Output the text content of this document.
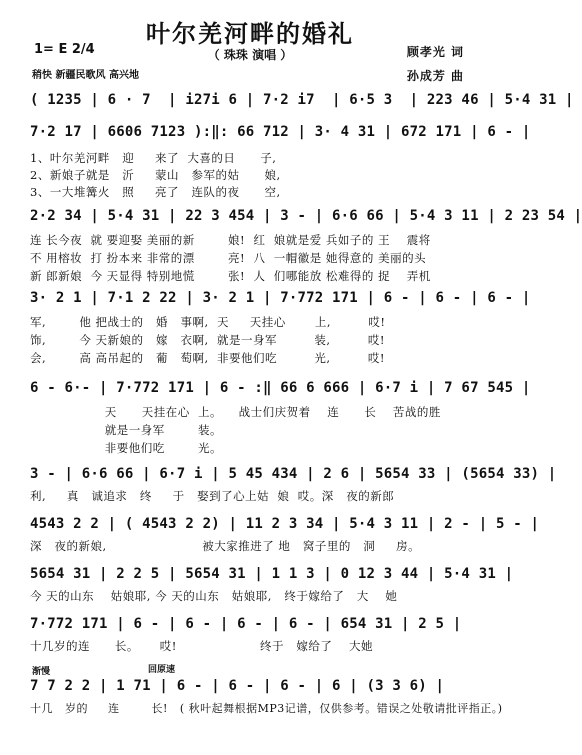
叶尔羌河畔的婚礼
（ 珠珠 演唱 ）	顾孝光 词
孙成芳 曲
1= E 2/4
稍快 新疆民歌风 高兴地
( 1235 | 6 · 7  | i27i 6 | 7·2 i7  | 6·5 3  | 223 46 | 5·4 31 |
7·2 17 | 6606 7123 ):‖: 66 712 | 3· 4 31 | 672 171 | 6 - |
1、叶尔羌河畔   迎     来了  大喜的日      子,
2、新娘子就是   沂     蒙山   参军的姑      娘,
3、一大堆篝火   照     亮了   连队的夜      空,
2·2 34 | 5·4 31 | 22 3 454 | 3 - | 6·6 66 | 5·4 3 11 | 2 23 54 |
连 长今夜  就 要迎娶 美丽的新        娘!  红  娘就是爱 兵如子的 王    震将
不 用榕妆  打 扮本来 非常的漂        亮!  八  一帽徽是 她得意的 美丽的头
新 郎新娘  今 天显得 特别地慌        张!  人  们哪能放 松难得的 捉    弄机
3· 2 1 | 7·1 2 22 | 3· 2 1 | 7·772 171 | 6 - | 6 - | 6 - |
军,        他 把战士的   婚   事啊,  天     天挂心       上,         哎!
饰,        今 天新娘的   嫁   衣啊,  就是一身军         装,         哎!
会,        高 高吊起的   葡   萄啊,  非要他们吃         光,         哎!
6 - 6·- | 7·772 171 | 6 - :‖ 66 6 666 | 6·7 i | 7 67 545 |
天      天挂在心  上。    战士们庆贺着    连      长    苦战的胜
就是一身军        装。
非要他们吃        光。
3 - | 6·6 66 | 6·7 i | 5 45 434 | 2 6 | 5654 33 | (5654 33) |
利,     真   诚追求   终     于   娶到了心上姑  娘  哎。深   夜的新郎
4543 2 2 | ( 4543 2 2) | 11 2 3 34 | 5·4 3 11 | 2 - | 5 - |
深   夜的新娘,                       被大家推进了 地   窝子里的   洞     房。
5654 31 | 2 2 5 | 5654 31 | 1 1 3 | 0 12 3 44 | 5·4 31 |
今 天的山东    姑娘耶, 今 天的山东   姑娘耶,   终于嫁给了   大    她
7·772 171 | 6 - | 6 - | 6 - | 6 - | 654 31 | 2 5 |
十几岁的连      长。     哎!                    终于   嫁给了    大她
渐慢	回原速
7 7 2 2 | 1 71 | 6 - | 6 - | 6 - | 6 | (3 3 6) |
十几   岁的     连        长!   ( 秋叶起舞根据MP3记谱，仅供参考。错误之处敬请批评指正。)
